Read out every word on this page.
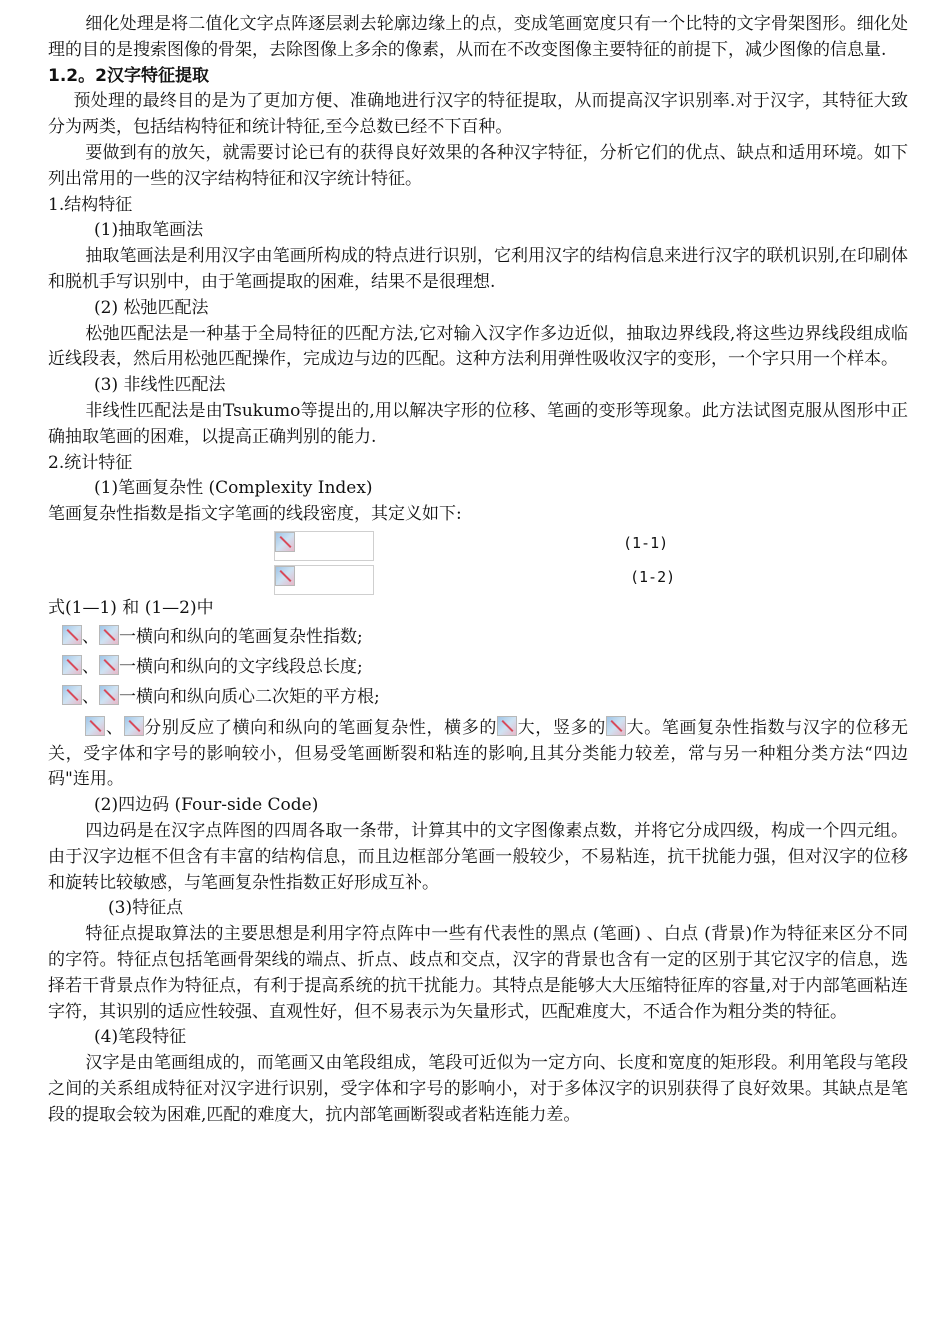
细化处理是将二值化文字点阵逐层剥去轮廓边缘上的点，变成笔画宽度只有一个比特的文字骨架图形。细化处理的目的是搜索图像的骨架，去除图像上多余的像素，从而在不改变图像主要特征的前提下，减少图像的信息量.

1.2。2汉字特征提取

预处理的最终目的是为了更加方便、准确地进行汉字的特征提取，从而提高汉字识别率.对于汉字，其特征大致分为两类，包括结构特征和统计特征,至今总数已经不下百种。

要做到有的放矢，就需要讨论已有的获得良好效果的各种汉字特征，分析它们的优点、缺点和适用环境。如下列出常用的一些的汉字结构特征和汉字统计特征。

1.结构特征

(1)抽取笔画法

抽取笔画法是利用汉字由笔画所构成的特点进行识别，它利用汉字的结构信息来进行汉字的联机识别,在印刷体和脱机手写识别中，由于笔画提取的困难，结果不是很理想.

(2) 松弛匹配法

松弛匹配法是一种基于全局特征的匹配方法,它对输入汉字作多边近似，抽取边界线段,将这些边界线段组成临近线段表，然后用松弛匹配操作，完成边与边的匹配。这种方法利用弹性吸收汉字的变形，一个字只用一个样本。

(3) 非线性匹配法

非线性匹配法是由Tsukumo等提出的,用以解决字形的位移、笔画的变形等现象。此方法试图克服从图形中正确抽取笔画的困难，以提高正确判别的能力.

2.统计特征

(1)笔画复杂性 (Complexity Index)

笔画复杂性指数是指文字笔画的线段密度，其定义如下:

(1-1)
(1-2)

式(1—1) 和 (1—2)中

、 一横向和纵向的笔画复杂性指数;

、 一横向和纵向的文字线段总长度;

、 一横向和纵向质心二次矩的平方根;

、 分别反应了横向和纵向的笔画复杂性，横多的 大，竖多的 大。笔画复杂性指数与汉字的位移无关，受字体和字号的影响较小，但易受笔画断裂和粘连的影响,且其分类能力较差，常与另一种粗分类方法“四边码"连用。

(2)四边码 (Four-side Code)

四边码是在汉字点阵图的四周各取一条带，计算其中的文字图像素点数，并将它分成四级，构成一个四元组。由于汉字边框不但含有丰富的结构信息，而且边框部分笔画一般较少，不易粘连，抗干扰能力强，但对汉字的位移和旋转比较敏感，与笔画复杂性指数正好形成互补。

(3)特征点

特征点提取算法的主要思想是利用字符点阵中一些有代表性的黑点 (笔画) 、白点 (背景)作为特征来区分不同的字符。特征点包括笔画骨架线的端点、折点、歧点和交点，汉字的背景也含有一定的区别于其它汉字的信息，选择若干背景点作为特征点，有利于提高系统的抗干扰能力。其特点是能够大大压缩特征库的容量,对于内部笔画粘连字符，其识别的适应性较强、直观性好，但不易表示为矢量形式，匹配难度大，不适合作为粗分类的特征。

(4)笔段特征

汉字是由笔画组成的，而笔画又由笔段组成，笔段可近似为一定方向、长度和宽度的矩形段。利用笔段与笔段之间的关系组成特征对汉字进行识别，受字体和字号的影响小，对于多体汉字的识别获得了良好效果。其缺点是笔段的提取会较为困难,匹配的难度大，抗内部笔画断裂或者粘连能力差。
